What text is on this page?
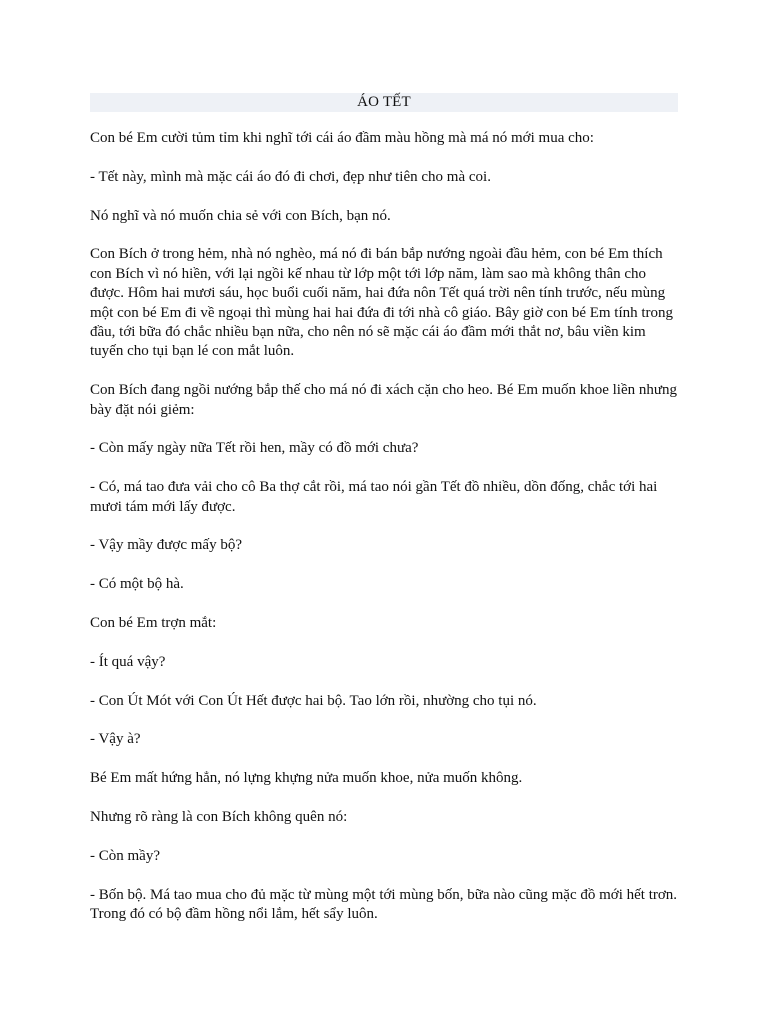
ÁO TẾT

Con bé Em cười tủm tỉm khi nghĩ tới cái áo đầm màu hồng mà má nó mới mua cho:

- Tết này, mình mà mặc cái áo đó đi chơi, đẹp như tiên cho mà coi.

Nó nghĩ và nó muốn chia sẻ với con Bích, bạn nó.

Con Bích ở trong hẻm, nhà nó nghèo, má nó đi bán bắp nướng ngoài đầu hẻm, con bé Em thích con Bích vì nó hiền, với lại ngồi kế nhau từ lớp một tới lớp năm, làm sao mà không thân cho được. Hôm hai mươi sáu, học buổi cuối năm, hai đứa nôn Tết quá trời nên tính trước, nếu mùng một con bé Em đi về ngoại thì mùng hai hai đứa đi tới nhà cô giáo. Bây giờ con bé Em tính trong đầu, tới bữa đó chắc nhiều bạn nữa, cho nên nó sẽ mặc cái áo đầm mới thắt nơ, bâu viền kim tuyến cho tụi bạn lé con mắt luôn.

Con Bích đang ngồi nướng bắp thế cho má nó đi xách cặn cho heo. Bé Em muốn khoe liền nhưng bày đặt nói giẻm:

- Còn mấy ngày nữa Tết rồi hen, mầy có đồ mới chưa?

- Có, má tao đưa vải cho cô Ba thợ cắt rồi, má tao nói gần Tết đồ nhiều, dồn đống, chắc tới hai mươi tám mới lấy được.

- Vậy mầy được mấy bộ?

- Có một bộ hà.

Con bé Em trợn mắt:

- Ít quá vậy?

- Con Út Mót với Con Út Hết được hai bộ. Tao lớn rồi, nhường cho tụi nó.

- Vậy à?

Bé Em mất hứng hẳn, nó lựng khựng nửa muốn khoe, nửa muốn không.

Nhưng rõ ràng là con Bích không quên nó:

- Còn mầy?

- Bốn bộ. Má tao mua cho đủ mặc từ mùng một tới mùng bốn, bữa nào cũng mặc đồ mới hết trơn. Trong đó có bộ đầm hồng nổi lắm, hết sẩy luôn.
